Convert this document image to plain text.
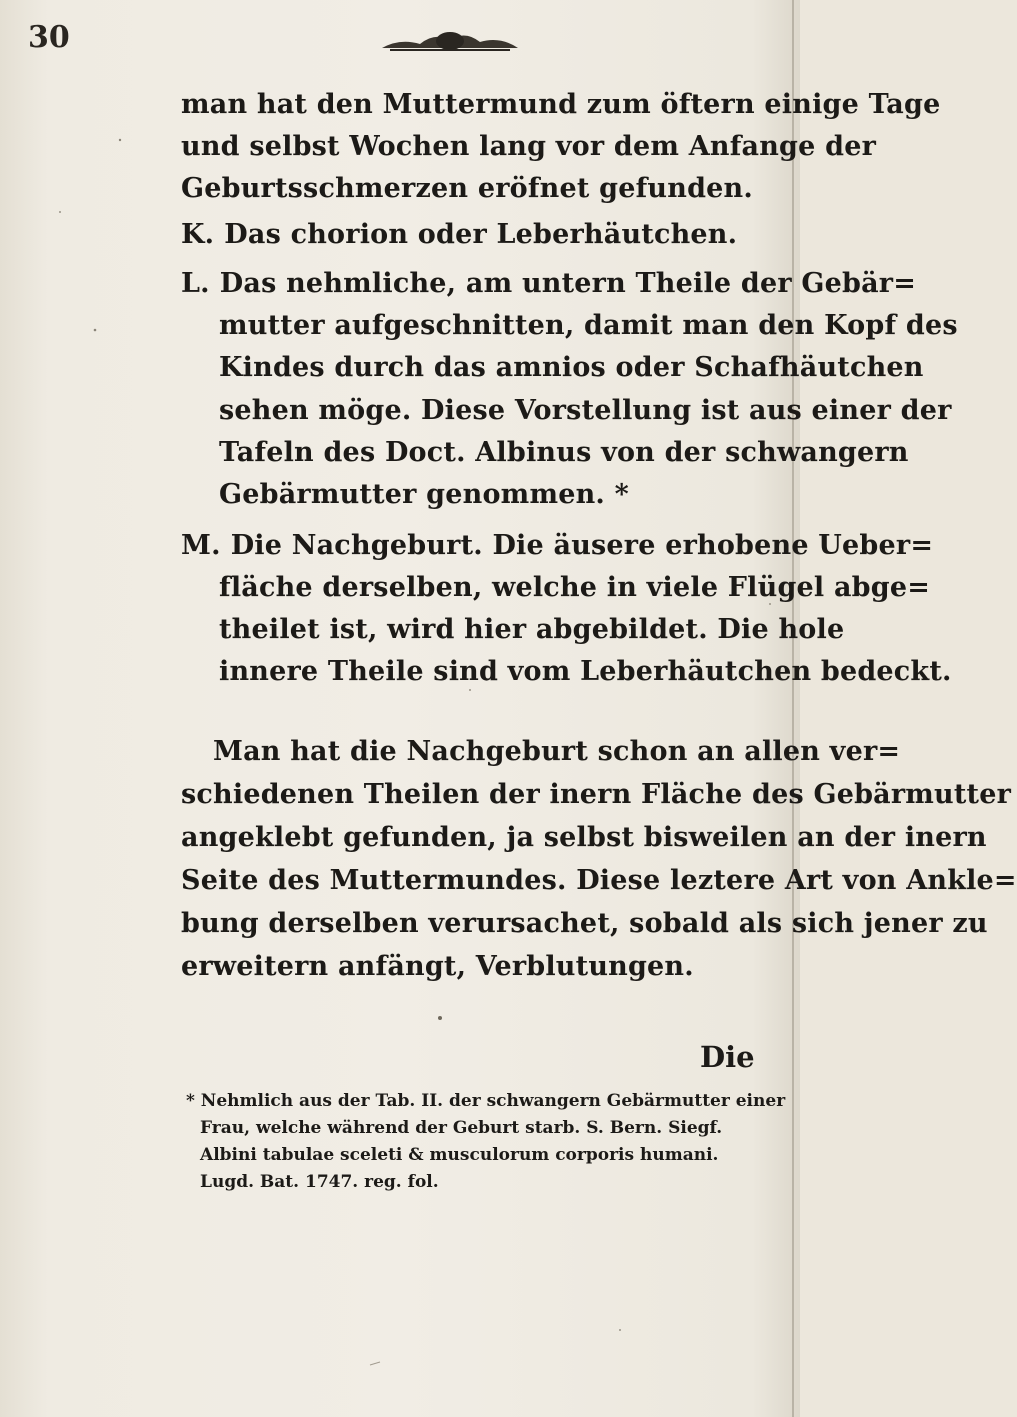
30
man hat den Muttermund zum öftern einige Tage
und selbst Wochen lang vor dem Anfange der
Geburtsschmerzen eröfnet gefunden.
K. Das chorion oder Leberhäutchen.
L. Das nehmliche, am untern Theile der Gebär=
mutter aufgeschnitten, damit man den Kopf des
Kindes durch das amnios oder Schafhäutchen
sehen möge. Diese Vorstellung ist aus einer der
Tafeln des Doct. Albinus von der schwangern
Gebärmutter genommen. *
M. Die Nachgeburt. Die äusere erhobene Ueber=
fläche derselben, welche in viele Flügel abge=
theilet ist, wird hier abgebildet. Die hole
innere Theile sind vom Leberhäutchen bedeckt.
Man hat die Nachgeburt schon an allen ver=
schiedenen Theilen der inern Fläche des Gebärmutter
angeklebt gefunden, ja selbst bisweilen an der inern
Seite des Muttermundes. Diese leztere Art von Ankle=
bung derselben verursachet, sobald als sich jener zu
erweitern anfängt, Verblutungen.
Die
* Nehmlich aus der Tab. II. der schwangern Gebärmutter einer
Frau, welche während der Geburt starb. S. Bern. Siegf.
Albini tabulae sceleti & musculorum corporis humani.
Lugd. Bat. 1747. reg. fol.
